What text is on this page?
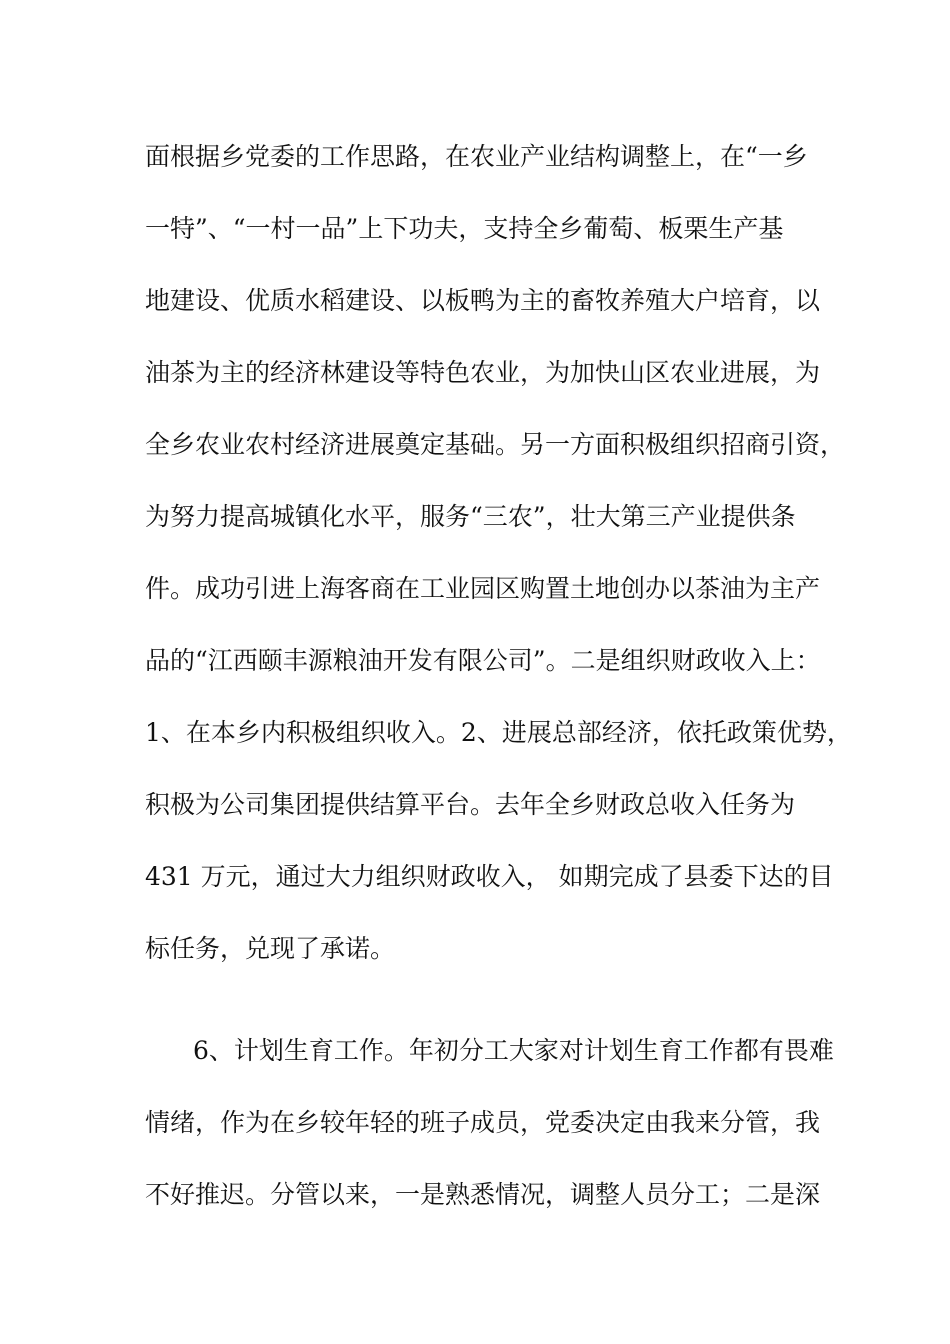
面根据乡党委的工作思路，在农业产业结构调整上，在“一乡
一特”、“一村一品”上下功夫，支持全乡葡萄、板栗生产基
地建设、优质水稻建设、以板鸭为主的畜牧养殖大户培育，以
油茶为主的经济林建设等特色农业，为加快山区农业进展，为
全乡农业农村经济进展奠定基础。另一方面积极组织招商引资，
为努力提高城镇化水平，服务“三农”，壮大第三产业提供条
件。成功引进上海客商在工业园区购置土地创办以茶油为主产
品的“江西颐丰源粮油开发有限公司”。二是组织财政收入上：
1、在本乡内积极组织收入。2、进展总部经济，依托政策优势，
积极为公司集团提供结算平台。去年全乡财政总收入任务为
431 万元，通过大力组织财政收入， 如期完成了县委下达的目
标任务，兑现了承诺。
6、计划生育工作。年初分工大家对计划生育工作都有畏难
情绪，作为在乡较年轻的班子成员，党委决定由我来分管，我
不好推迟。分管以来，一是熟悉情况，调整人员分工；二是深
